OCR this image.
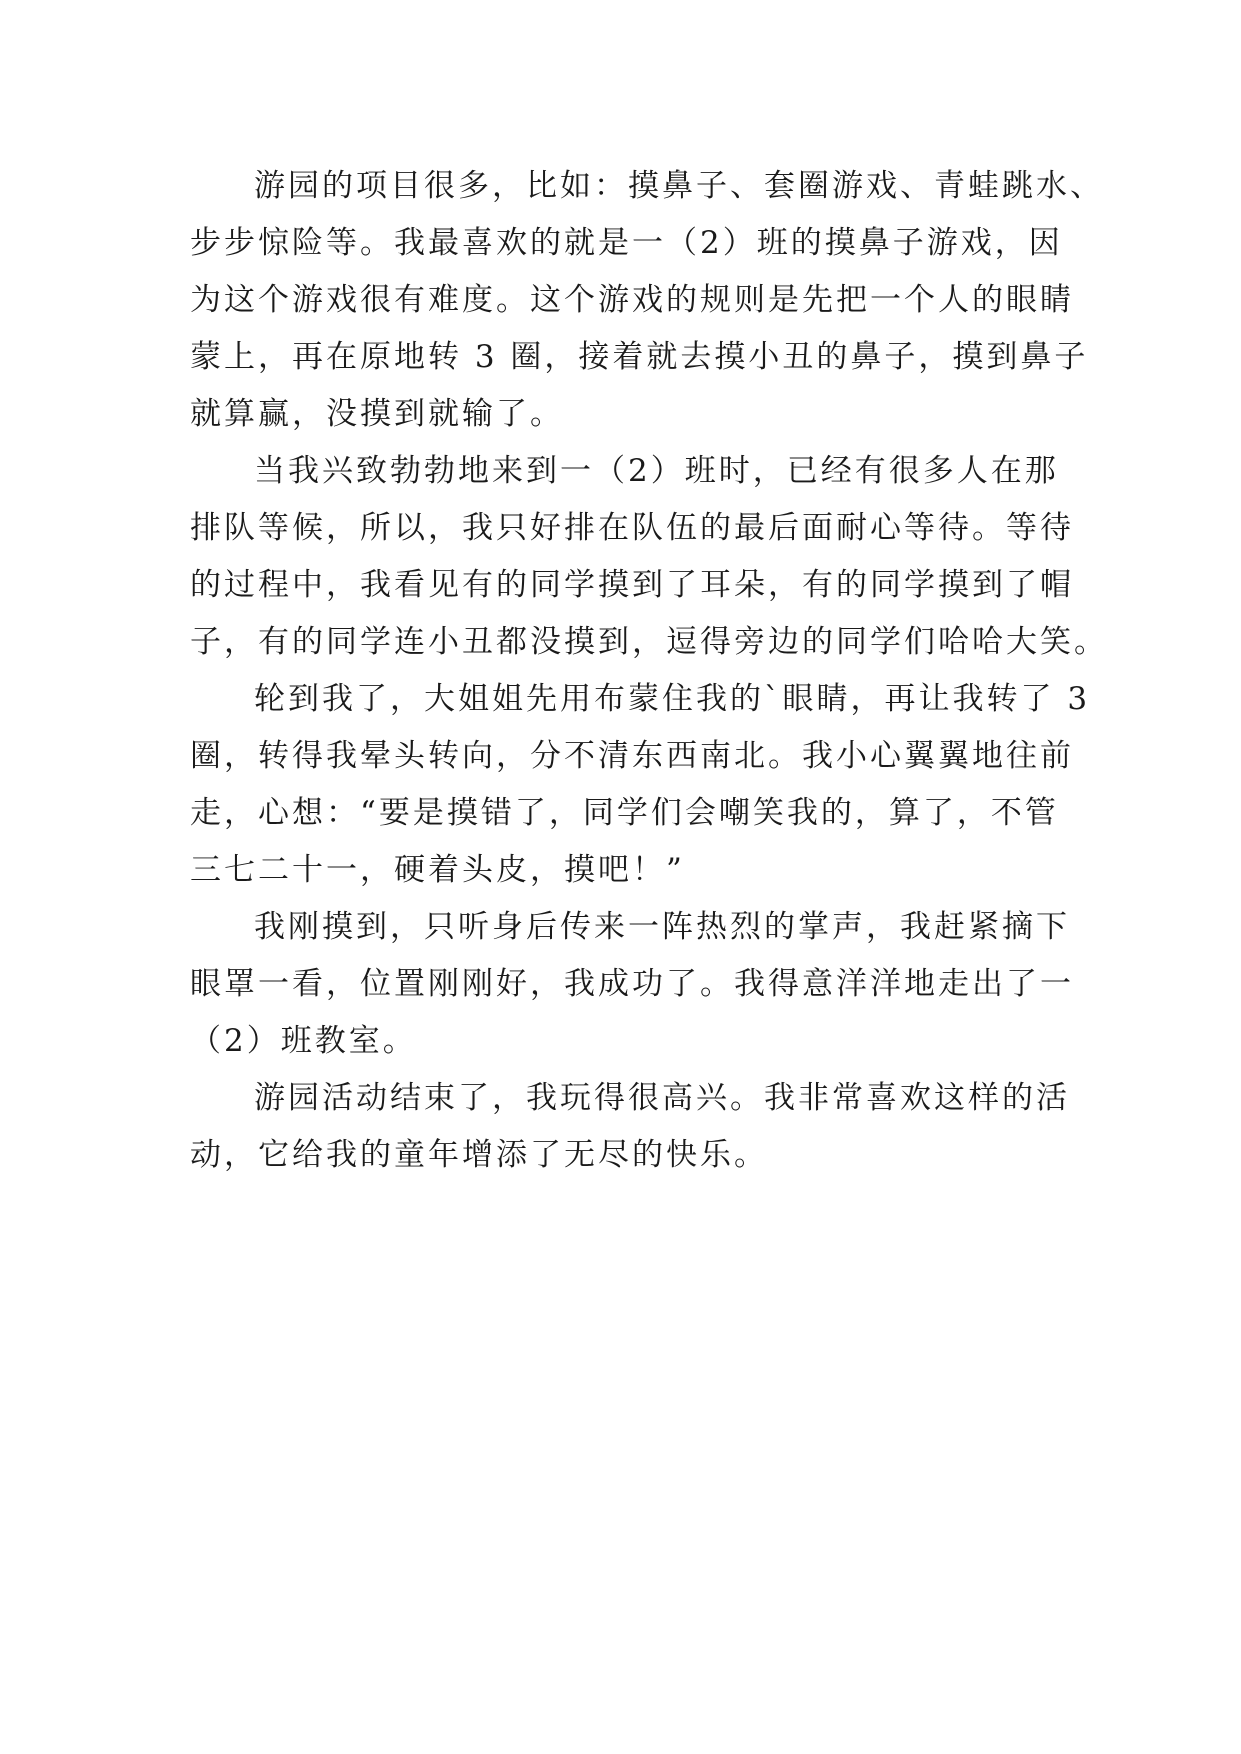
游园的项目很多，比如：摸鼻子、套圈游戏、青蛙跳水、
步步惊险等。我最喜欢的就是一（2）班的摸鼻子游戏，因
为这个游戏很有难度。这个游戏的规则是先把一个人的眼睛
蒙上，再在原地转 3 圈，接着就去摸小丑的鼻子，摸到鼻子
就算赢，没摸到就输了。
当我兴致勃勃地来到一（2）班时，已经有很多人在那
排队等候，所以，我只好排在队伍的最后面耐心等待。等待
的过程中，我看见有的同学摸到了耳朵，有的同学摸到了帽
子，有的同学连小丑都没摸到，逗得旁边的同学们哈哈大笑。
轮到我了，大姐姐先用布蒙住我的`眼睛，再让我转了 3
圈，转得我晕头转向，分不清东西南北。我小心翼翼地往前
走，心想：“要是摸错了，同学们会嘲笑我的，算了，不管
三七二十一，硬着头皮，摸吧！”
我刚摸到，只听身后传来一阵热烈的掌声，我赶紧摘下
眼罩一看，位置刚刚好，我成功了。我得意洋洋地走出了一
（2）班教室。
游园活动结束了，我玩得很高兴。我非常喜欢这样的活
动，它给我的童年增添了无尽的快乐。
